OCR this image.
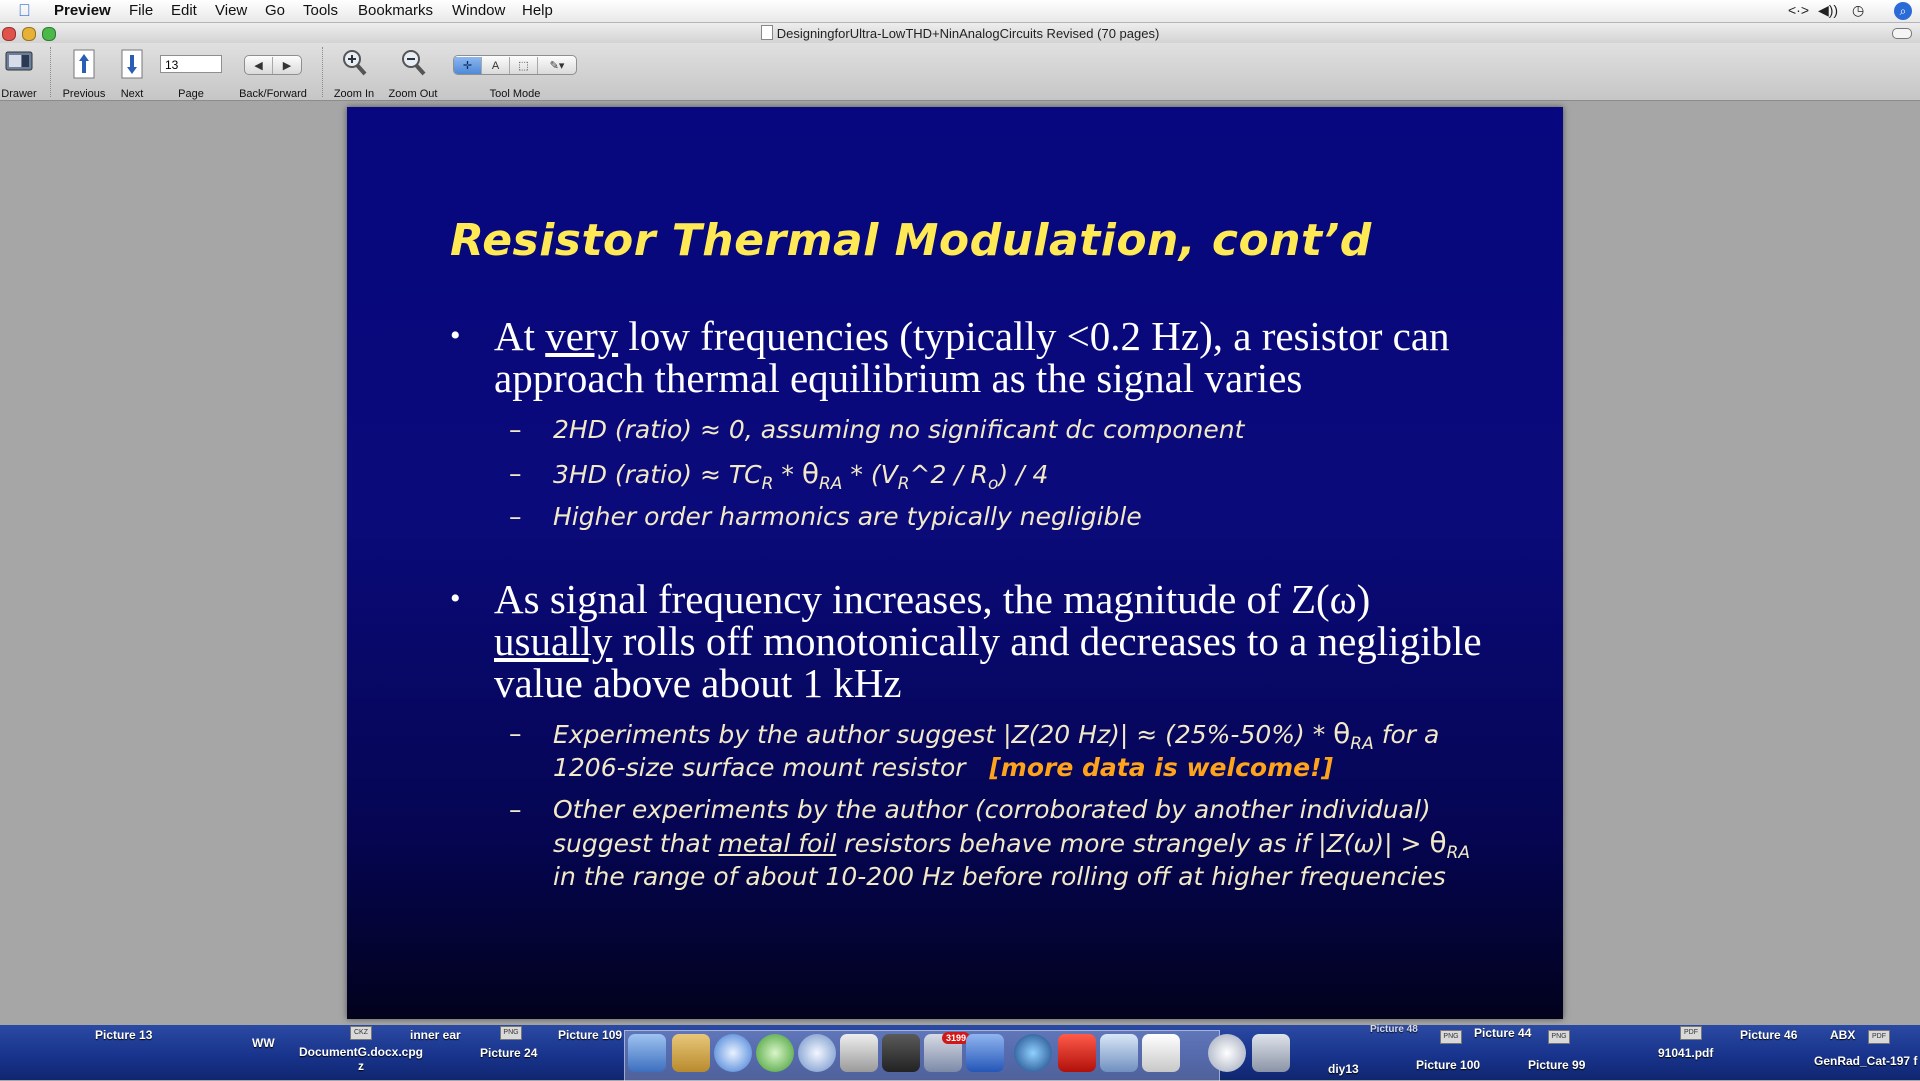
Preview File Edit View Go Tools Bookmarks Window Help	<·> ◀)) ◷	⌕
DesigningforUltra-LowTHD+NinAnalogCircuits Revised (70 pages)
Drawer Previous	Next
13
Page
◀ ▶
Back/Forward	Zoom In	Zoom Out
✛ A ⬚ ✎▾
Tool Mode
Resistor Thermal Modulation, cont’d
• At very low frequencies (typically <0.2 Hz), a resistor can approach thermal equilibrium as the signal varies
– 2HD (ratio) ≈ 0, assuming no significant dc component
– 3HD (ratio) ≈ $TC_R * \theta_{RA}$ * $(V_R\^{}2 / R_o) / 4$
– Higher order harmonics are typically negligible
• As signal frequency increases, the magnitude of Z(ω) usually rolls off monotonically and decreases to a negligible value above about 1 kHz
– Experiments by the author suggest |Z(20 $Hz)| \approx (25\%-50\%) * \theta_{RA}$ for a 1206-size surface mount resistor [more data is welcome!]
– Other experiments by the author (corroborated by another individual) suggest that metal foil resistors behave more strangely as if $|Z(\omega)| > \theta_{RA}$ in the range of about 10-200 Hz before rolling off at higher frequencies
CKZ	PNG
PNG	PNG
PDF
PDF
Picture 13
WW
DocumentG.docx.cpg z
inner ear
Picture 24
Picture 109	Picture 48
diy13	Picture 100
Picture 44
Picture 99
91041.pdf
Picture 46	ABX
GenRad_Cat-197 f
3199
